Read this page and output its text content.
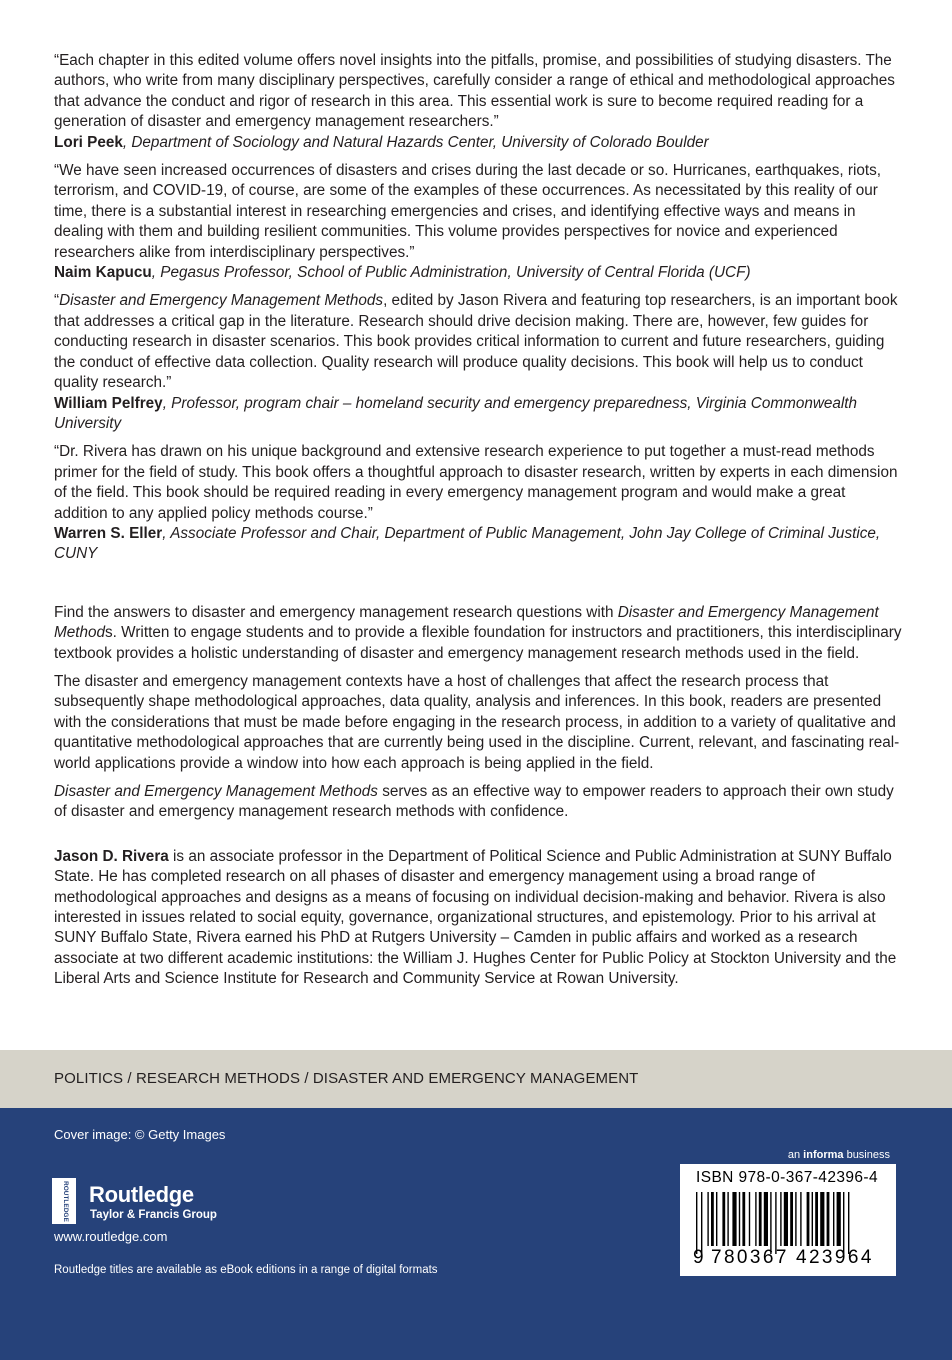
“Each chapter in this edited volume offers novel insights into the pitfalls, promise, and possibilities of studying disasters. The authors, who write from many disciplinary perspectives, carefully consider a range of ethical and methodological approaches that advance the conduct and rigor of research in this area. This essential work is sure to become required reading for a generation of disaster and emergency management researchers.”

Lori Peek, Department of Sociology and Natural Hazards Center, University of Colorado Boulder

“We have seen increased occurrences of disasters and crises during the last decade or so. Hurricanes, earthquakes, riots, terrorism, and COVID-19, of course, are some of the examples of these occurrences. As necessitated by this reality of our time, there is a substantial interest in researching emergencies and crises, and identifying effective ways and means in dealing with them and building resilient communities. This volume provides perspectives for novice and experienced researchers alike from interdisciplinary perspectives.”

Naim Kapucu, Pegasus Professor, School of Public Administration, University of Central Florida (UCF)

“Disaster and Emergency Management Methods, edited by Jason Rivera and featuring top researchers, is an important book that addresses a critical gap in the literature. Research should drive decision making. There are, however, few guides for conducting research in disaster scenarios. This book provides critical information to current and future researchers, guiding the conduct of effective data collection. Quality research will produce quality decisions. This book will help us to conduct quality research.”

William Pelfrey, Professor, program chair – homeland security and emergency preparedness, Virginia Commonwealth University

“Dr. Rivera has drawn on his unique background and extensive research experience to put together a must-read methods primer for the field of study. This book offers a thoughtful approach to disaster research, written by experts in each dimension of the field. This book should be required reading in every emergency management program and would make a great addition to any applied policy methods course.”

Warren S. Eller, Associate Professor and Chair, Department of Public Management, John Jay College of Criminal Justice, CUNY

Find the answers to disaster and emergency management research questions with Disaster and Emergency Management Methods. Written to engage students and to provide a flexible foundation for instructors and practitioners, this interdisciplinary textbook provides a holistic understanding of disaster and emergency management research methods used in the field.

The disaster and emergency management contexts have a host of challenges that affect the research process that subsequently shape methodological approaches, data quality, analysis and inferences. In this book, readers are presented with the considerations that must be made before engaging in the research process, in addition to a variety of qualitative and quantitative methodological approaches that are currently being used in the discipline. Current, relevant, and fascinating real-world applications provide a window into how each approach is being applied in the field.

Disaster and Emergency Management Methods serves as an effective way to empower readers to approach their own study of disaster and emergency management research methods with confidence.

Jason D. Rivera is an associate professor in the Department of Political Science and Public Administration at SUNY Buffalo State. He has completed research on all phases of disaster and emergency management using a broad range of methodological approaches and designs as a means of focusing on individual decision-making and behavior. Rivera is also interested in issues related to social equity, governance, organizational structures, and epistemology. Prior to his arrival at SUNY Buffalo State, Rivera earned his PhD at Rutgers University – Camden in public affairs and worked as a research associate at two different academic institutions: the William J. Hughes Center for Public Policy at Stockton University and the Liberal Arts and Science Institute for Research and Community Service at Rowan University.

POLITICS / RESEARCH METHODS / DISASTER AND EMERGENCY MANAGEMENT
Cover image: © Getty Images
ROUTLEDGE Routledge
Taylor & Francis Group
www.routledge.com
Routledge titles are available as eBook editions in a range of digital formats
an informa business
ISBN 978-0-367-42396-4
9 780367 423964
